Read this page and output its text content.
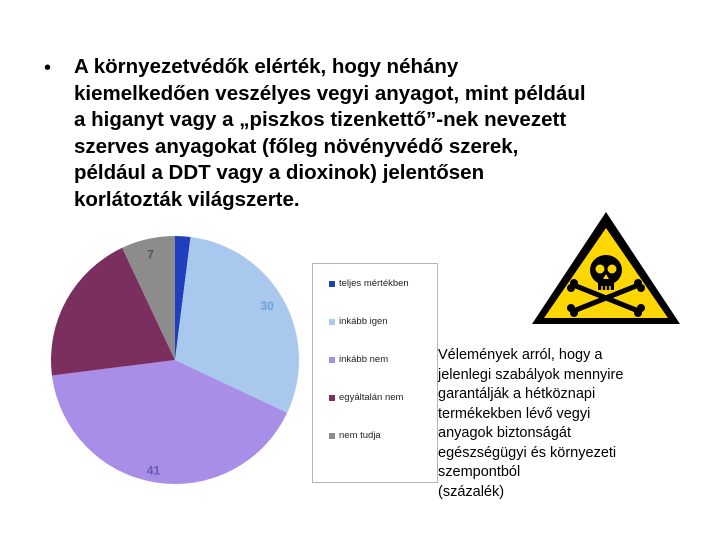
• A környezetvédők elérték, hogy néhány
kiemelkedően veszélyes vegyi anyagot, mint például
a higanyt vagy a „piszkos tizenkettő”-nek nevezett
szerves anyagokat (főleg növényvédő szerek,
például a DDT vagy a dioxinok) jelentősen
korlátozták világszerte.
2
30
41
20
7
teljes mértékben
inkább igen
inkább nem
egyáltalán nem
nem tudja
Vélemények arról, hogy a
jelenlegi szabályok mennyire
garantálják a hétköznapi
termékekben lévő vegyi
anyagok biztonságát
egészségügyi és környezeti
szempontból
(százalék)
